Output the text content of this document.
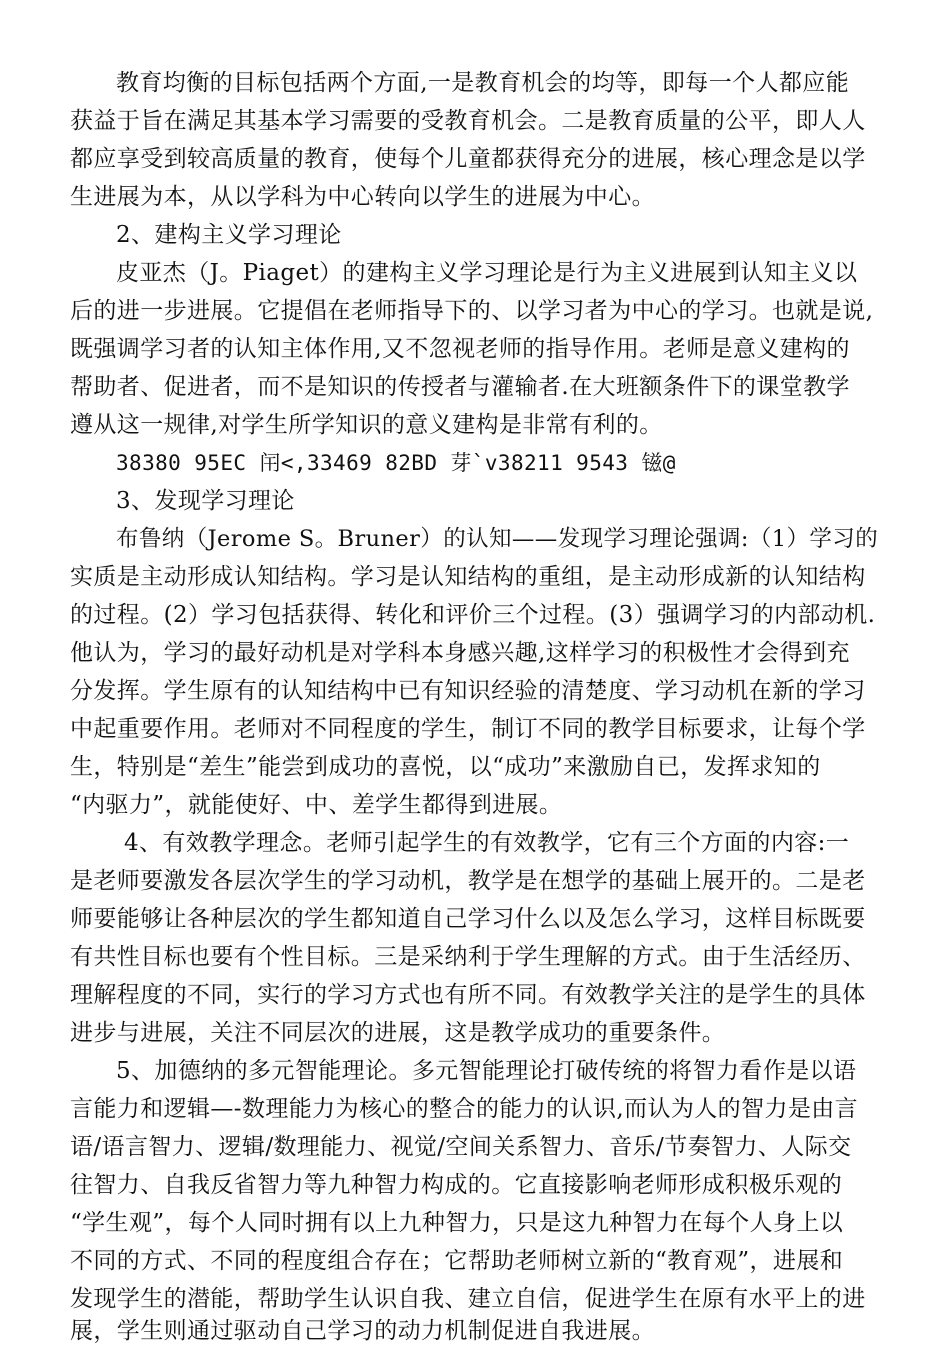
教育均衡的目标包括两个方面,一是教育机会的均等，即每一个人都应能
获益于旨在满足其基本学习需要的受教育机会。二是教育质量的公平，即人人
都应享受到较高质量的教育，使每个儿童都获得充分的进展，核心理念是以学
生进展为本，从以学科为中心转向以学生的进展为中心。
2、建构主义学习理论
皮亚杰（J。Piaget）的建构主义学习理论是行为主义进展到认知主义以
后的进一步进展。它提倡在老师指导下的、以学习者为中心的学习。也就是说,
既强调学习者的认知主体作用,又不忽视老师的指导作用。老师是意义建构的
帮助者、促进者，而不是知识的传授者与灌输者.在大班额条件下的课堂教学
遵从这一规律,对学生所学知识的意义建构是非常有利的。
38380 95EC 闬<,33469 82BD 芽`v38211 9543 镃@
3、发现学习理论
布鲁纳（Jerome S。Bruner）的认知——发现学习理论强调:（1）学习的
实质是主动形成认知结构。学习是认知结构的重组，是主动形成新的认知结构
的过程。(2）学习包括获得、转化和评价三个过程。(3）强调学习的内部动机.
他认为，学习的最好动机是对学科本身感兴趣,这样学习的积极性才会得到充
分发挥。学生原有的认知结构中已有知识经验的清楚度、学习动机在新的学习
中起重要作用。老师对不同程度的学生，制订不同的教学目标要求，让每个学
生，特别是“差生”能尝到成功的喜悦，以“成功”来激励自已，发挥求知的
“内驱力”，就能使好、中、差学生都得到进展。
4、有效教学理念。老师引起学生的有效教学，它有三个方面的内容:一
是老师要激发各层次学生的学习动机，教学是在想学的基础上展开的。二是老
师要能够让各种层次的学生都知道自己学习什么以及怎么学习，这样目标既要
有共性目标也要有个性目标。三是采纳利于学生理解的方式。由于生活经历、
理解程度的不同，实行的学习方式也有所不同。有效教学关注的是学生的具体
进步与进展，关注不同层次的进展，这是教学成功的重要条件。
5、加德纳的多元智能理论。多元智能理论打破传统的将智力看作是以语
言能力和逻辑—-数理能力为核心的整合的能力的认识,而认为人的智力是由言
语/语言智力、逻辑/数理能力、视觉/空间关系智力、音乐/节奏智力、人际交
往智力、自我反省智力等九种智力构成的。它直接影响老师形成积极乐观的
“学生观”，每个人同时拥有以上九种智力，只是这九种智力在每个人身上以
不同的方式、不同的程度组合存在；它帮助老师树立新的“教育观”，进展和
发现学生的潜能，帮助学生认识自我、建立自信，促进学生在原有水平上的进
展，学生则通过驱动自己学习的动力机制促进自我进展。
